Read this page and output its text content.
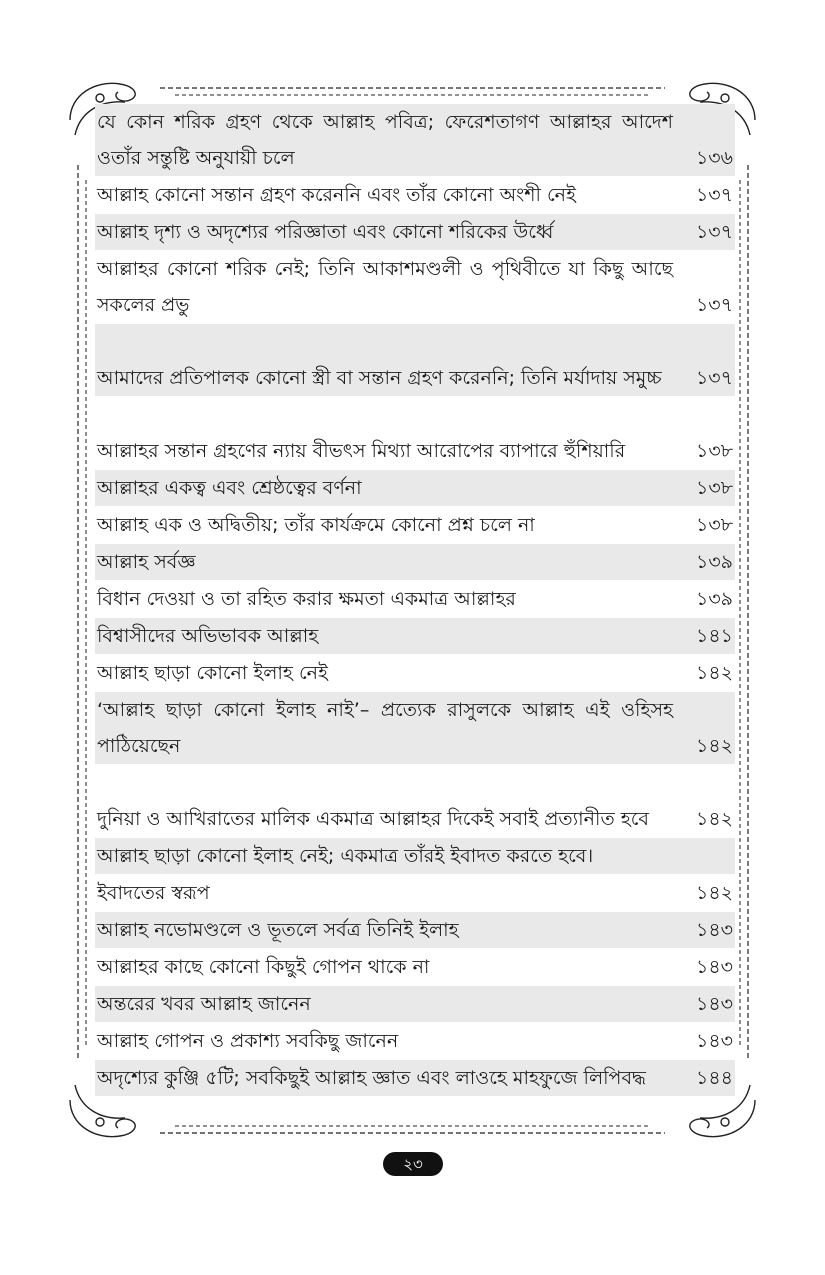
যে কোন শরিক গ্রহণ থেকে আল্লাহ পবিত্র; ফেরেশতাগণ আল্লাহর আদেশ ওতাঁর সন্তুষ্টি অনুযায়ী চলে	১৩৬
আল্লাহ কোনো সন্তান গ্রহণ করেননি এবং তাঁর কোনো অংশী নেই	১৩৭
আল্লাহ দৃশ্য ও অদৃশ্যের পরিজ্ঞাতা এবং কোনো শরিকের উর্ধ্বে	১৩৭
আল্লাহর কোনো শরিক নেই; তিনি আকাশমণ্ডলী ও পৃথিবীতে যা কিছু আছে সকলের প্রভু	১৩৭
আমাদের প্রতিপালক কোনো স্ত্রী বা সন্তান গ্রহণ করেননি; তিনি মর্যাদায় সমুচ্চ	১৩৭
আল্লাহর সন্তান গ্রহণের ন্যায় বীভৎস মিথ্যা আরোপের ব্যাপারে হুঁশিয়ারি	১৩৮
আল্লাহর একত্ব এবং শ্রেষ্ঠত্বের বর্ণনা	১৩৮
আল্লাহ এক ও অদ্বিতীয়; তাঁর কার্যক্রমে কোনো প্রশ্ন চলে না	১৩৮
আল্লাহ সর্বজ্ঞ	১৩৯
বিধান দেওয়া ও তা রহিত করার ক্ষমতা একমাত্র আল্লাহর	১৩৯
বিশ্বাসীদের অভিভাবক আল্লাহ	১৪১
আল্লাহ ছাড়া কোনো ইলাহ নেই	১৪২
‘আল্লাহ ছাড়া কোনো ইলাহ নাই’– প্রত্যেক রাসুলকে আল্লাহ এই ওহিসহ পাঠিয়েছেন	১৪২
দুনিয়া ও আখিরাতের মালিক একমাত্র আল্লাহর দিকেই সবাই প্রত্যানীত হবে	১৪২
আল্লাহ ছাড়া কোনো ইলাহ নেই; একমাত্র তাঁরই ইবাদত করতে হবে।
ইবাদতের স্বরূপ	১৪২
আল্লাহ নভোমণ্ডলে ও ভূতলে সর্বত্র তিনিই ইলাহ	১৪৩
আল্লাহর কাছে কোনো কিছুই গোপন থাকে না	১৪৩
অন্তরের খবর আল্লাহ জানেন	১৪৩
আল্লাহ গোপন ও প্রকাশ্য সবকিছু জানেন	১৪৩
অদৃশ্যের কুঞ্জি ৫টি; সবকিছুই আল্লাহ জ্ঞাত এবং লাওহে মাহফুজে লিপিবদ্ধ	১৪৪
২৩
